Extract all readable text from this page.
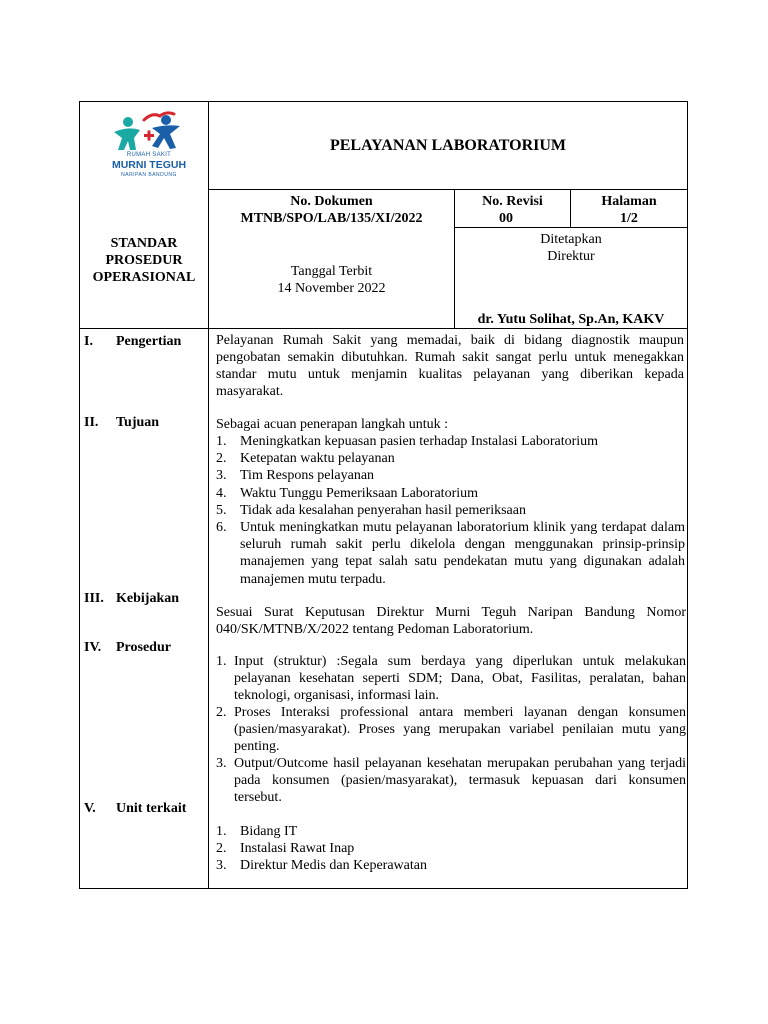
RUMAH SAKIT
MURNI TEGUH
NARIPAN BANDUNG
PELAYANAN LABORATORIUM
No. Dokumen
MTNB/SPO/LAB/135/XI/2022
No. Revisi
00
Halaman
1/2
STANDAR
PROSEDUR
OPERASIONAL	Tanggal Terbit
14 November 2022
Ditetapkan
Direktur
dr. Yutu Solihat, Sp.An, KAKV
I. Pengertian
II. Tujuan
III. Kebijakan
IV. Prosedur
V. Unit terkait
Pelayanan Rumah Sakit yang memadai, baik di bidang diagnostik maupun pengobatan semakin dibutuhkan. Rumah sakit sangat perlu untuk menegakkan standar mutu untuk menjamin kualitas pelayanan yang diberikan kepada masyarakat.
Sebagai acuan penerapan langkah untuk :
1. Meningkatkan kepuasan pasien terhadap Instalasi Laboratorium
2. Ketepatan waktu pelayanan
3. Tim Respons pelayanan
4. Waktu Tunggu Pemeriksaan Laboratorium
5. Tidak ada kesalahan penyerahan hasil pemeriksaan
6. Untuk meningkatkan mutu pelayanan laboratorium klinik yang terdapat dalam seluruh rumah sakit perlu dikelola dengan menggunakan prinsip-prinsip manajemen yang tepat salah satu pendekatan mutu yang digunakan adalah manajemen mutu terpadu.
Sesuai Surat Keputusan Direktur Murni Teguh Naripan Bandung Nomor 040/SK/MTNB/X/2022 tentang Pedoman Laboratorium.
1. Input (struktur) :Segala sum berdaya yang diperlukan untuk melakukan pelayanan kesehatan seperti SDM; Dana, Obat, Fasilitas, peralatan, bahan teknologi, organisasi, informasi lain.
2. Proses Interaksi professional antara memberi layanan dengan konsumen (pasien/masyarakat). Proses yang merupakan variabel penilaian mutu yang penting.
3. Output/Outcome hasil pelayanan kesehatan merupakan perubahan yang terjadi pada konsumen (pasien/masyarakat), termasuk kepuasan dari konsumen tersebut.
1. Bidang IT
2. Instalasi Rawat Inap
3. Direktur Medis dan Keperawatan
